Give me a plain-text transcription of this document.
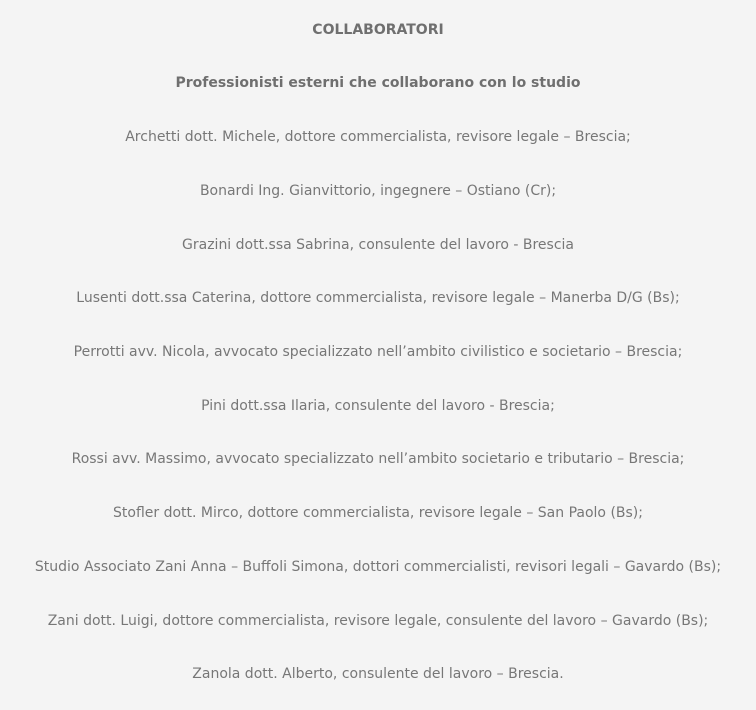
COLLABORATORI
Professionisti esterni che collaborano con lo studio
Archetti dott. Michele, dottore commercialista, revisore legale – Brescia;
Bonardi Ing. Gianvittorio, ingegnere – Ostiano (Cr);
Grazini dott.ssa Sabrina, consulente del lavoro - Brescia
Lusenti dott.ssa Caterina, dottore commercialista, revisore legale – Manerba D/G (Bs);
Perrotti avv. Nicola, avvocato specializzato nell’ambito civilistico e societario – Brescia;
Pini dott.ssa Ilaria, consulente del lavoro - Brescia;
Rossi avv. Massimo, avvocato specializzato nell’ambito societario e tributario – Brescia;
Stofler dott. Mirco, dottore commercialista, revisore legale – San Paolo (Bs);
Studio Associato Zani Anna – Buffoli Simona, dottori commercialisti, revisori legali – Gavardo (Bs);
Zani dott. Luigi, dottore commercialista, revisore legale, consulente del lavoro – Gavardo (Bs);
Zanola dott. Alberto, consulente del lavoro – Brescia.
